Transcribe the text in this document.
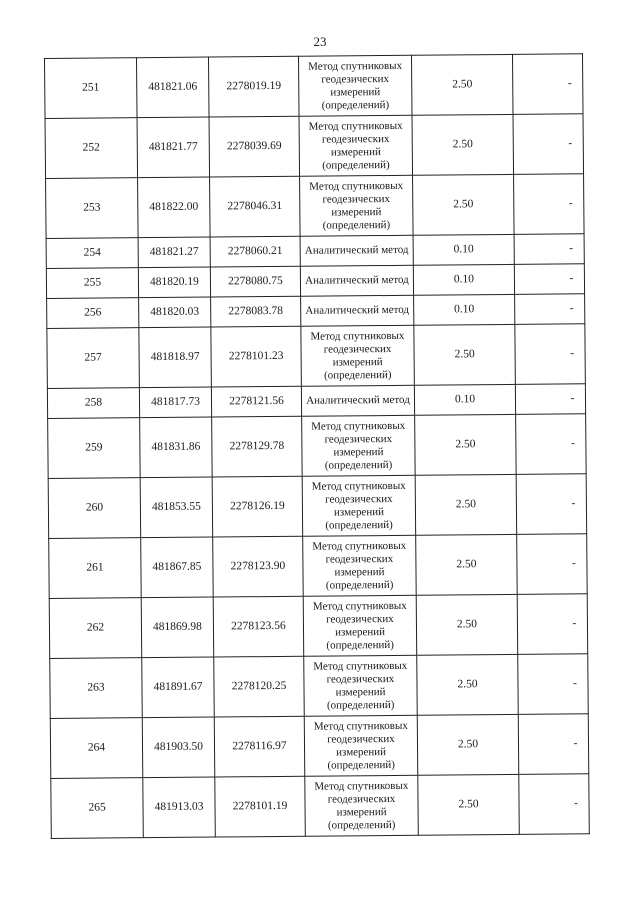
23
251	481821.06	2278019.19	Метод спутниковых геодезических измерений (определений)	2.50	-
252	481821.77	2278039.69	Метод спутниковых геодезических измерений (определений)	2.50	-
253	481822.00	2278046.31	Метод спутниковых геодезических измерений (определений)	2.50	-
254	481821.27	2278060.21	Аналитический метод	0.10	-
255	481820.19	2278080.75	Аналитический метод	0.10	-
256	481820.03	2278083.78	Аналитический метод	0.10	-
257	481818.97	2278101.23	Метод спутниковых геодезических измерений (определений)	2.50	-
258	481817.73	2278121.56	Аналитический метод	0.10	-
259	481831.86	2278129.78	Метод спутниковых геодезических измерений (определений)	2.50	-
260	481853.55	2278126.19	Метод спутниковых геодезических измерений (определений)	2.50	-
261	481867.85	2278123.90	Метод спутниковых геодезических измерений (определений)	2.50	-
262	481869.98	2278123.56	Метод спутниковых геодезических измерений (определений)	2.50	-
263	481891.67	2278120.25	Метод спутниковых геодезических измерений (определений)	2.50	-
264	481903.50	2278116.97	Метод спутниковых геодезических измерений (определений)	2.50	-
265	481913.03	2278101.19	Метод спутниковых геодезических измерений (определений)	2.50	-
